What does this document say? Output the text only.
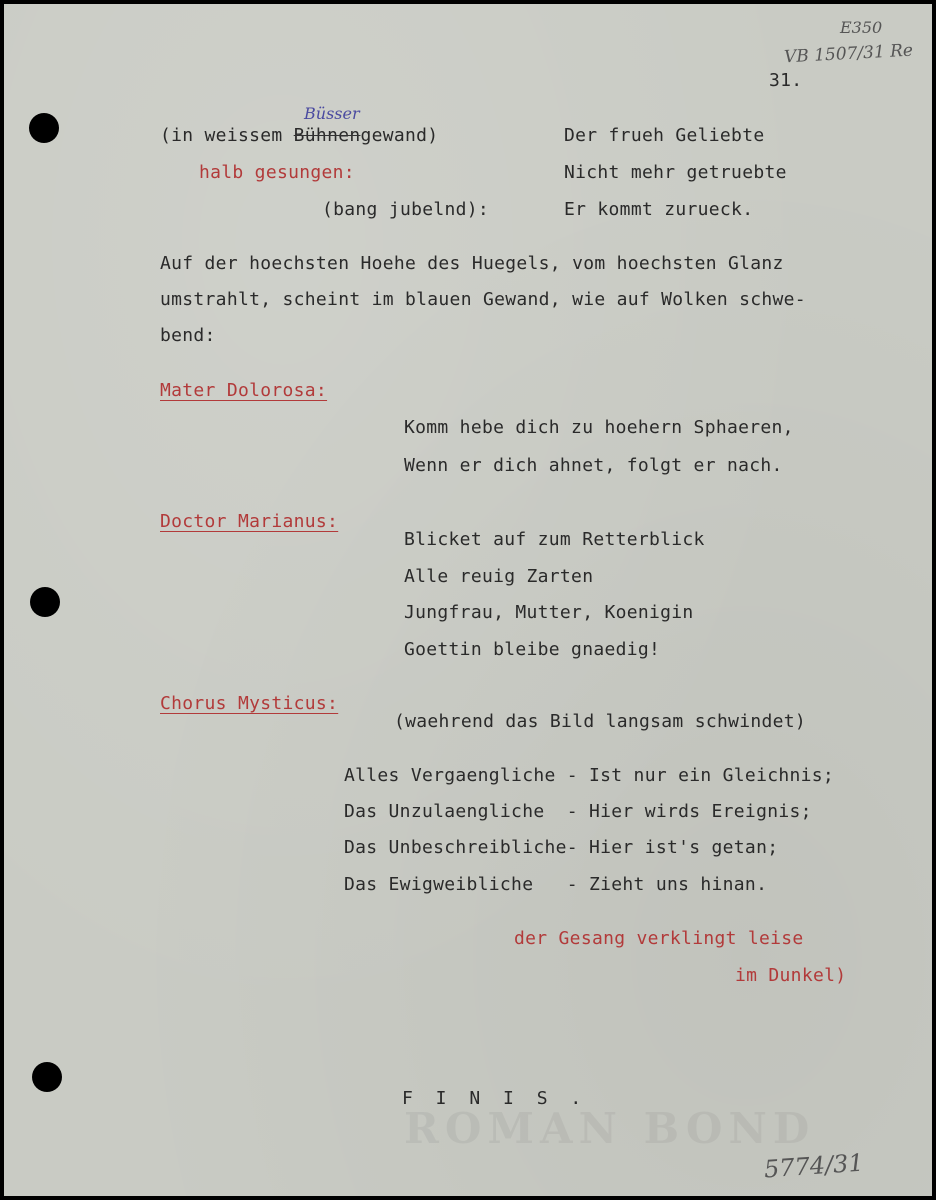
ROMAN BOND
E350
VB 1507/31 Re
5774/31
31.
(in weissem Bühnengewand)
Büsser
Der frueh Geliebte
halb gesungen:	Nicht mehr getruebte
(bang jubelnd):	Er kommt zurueck.
Auf der hoechsten Hoehe des Huegels, vom hoechsten Glanz
umstrahlt, scheint im blauen Gewand, wie auf Wolken schwe-
bend:
Mater Dolorosa:
Komm hebe dich zu hoehern Sphaeren,
Wenn er dich ahnet, folgt er nach.
Doctor Marianus:
Blicket auf zum Retterblick
Alle reuig Zarten
Jungfrau, Mutter, Koenigin
Goettin bleibe gnaedig!
Chorus Mysticus:
(waehrend das Bild langsam schwindet)
Alles Vergaengliche - Ist nur ein Gleichnis;
Das Unzulaengliche  - Hier wirds Ereignis;
Das Unbeschreibliche- Hier ist's getan;
Das Ewigweibliche   - Zieht uns hinan.
der Gesang verklingt leise
im Dunkel)
F I N I S .
